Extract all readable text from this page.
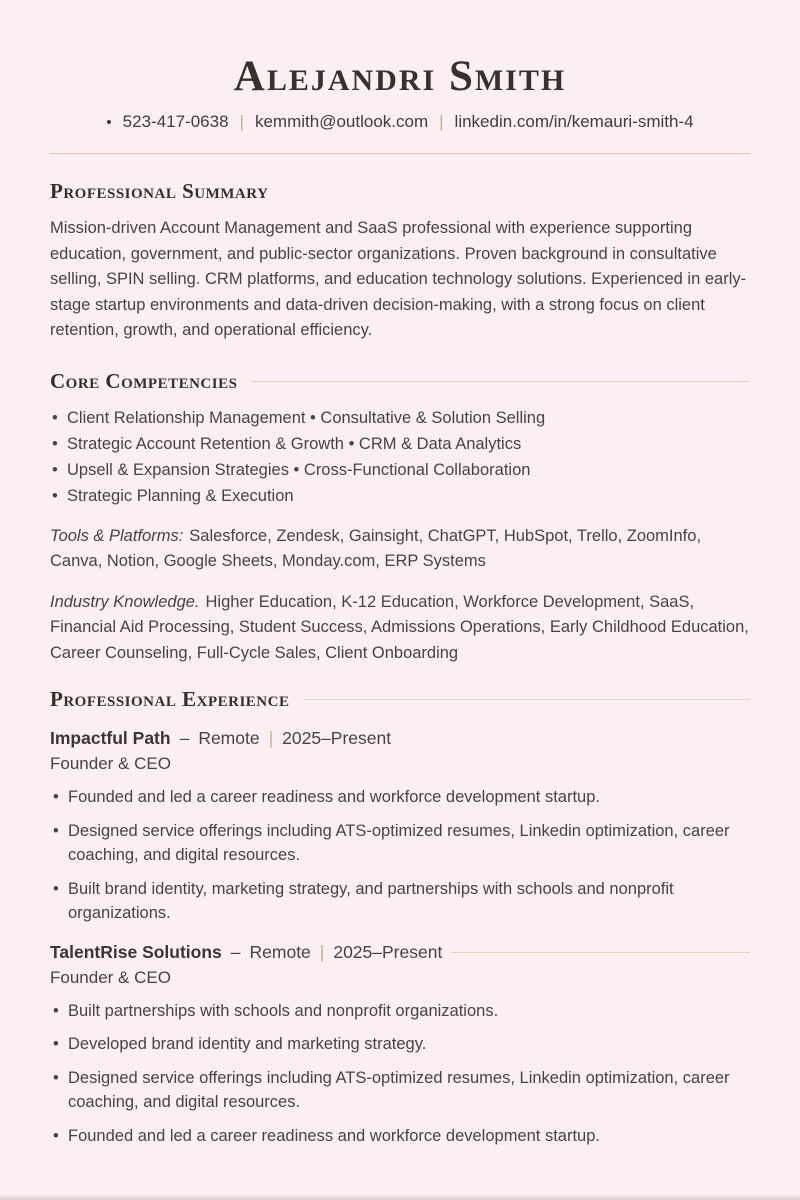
Alejandri Smith
• 523-417-0638 | kemmith@outlook.com | linkedin.com/in/kemauri-smith-4
Professional Summary

Mission-driven Account Management and SaaS professional with experience supporting education, government, and public-sector organizations. Proven background in consultative selling, SPIN selling. CRM platforms, and education technology solutions. Experienced in early-stage startup environments and data-driven decision-making, with a strong focus on client retention, growth, and operational efficiency.

Core Competencies
• Client Relationship Management • Consultative & Solution Selling
• Strategic Account Retention & Growth • CRM & Data Analytics
• Upsell & Expansion Strategies • Cross-Functional Collaboration
• Strategic Planning & Execution

Tools & Platforms: Salesforce, Zendesk, Gainsight, ChatGPT, HubSpot, Trello, ZoomInfo, Canva, Notion, Google Sheets, Monday.com, ERP Systems

Industry Knowledge. Higher Education, K-12 Education, Workforce Development, SaaS, Financial Aid Processing, Student Success, Admissions Operations, Early Childhood Education, Career Counseling, Full-Cycle Sales, Client Onboarding

Professional Experience
Impactful Path – Remote | 2025–Present
Founder & CEO
• Founded and led a career readiness and workforce development startup.
• Designed service offerings including ATS-optimized resumes, Linkedin optimization, career coaching, and digital resources.
• Built brand identity, marketing strategy, and partnerships with schools and nonprofit organizations.
TalentRise Solutions – Remote | 2025–Present
Founder & CEO
• Built partnerships with schools and nonprofit organizations.
• Developed brand identity and marketing strategy.
• Designed service offerings including ATS-optimized resumes, Linkedin optimization, career coaching, and digital resources.
• Founded and led a career readiness and workforce development startup.
